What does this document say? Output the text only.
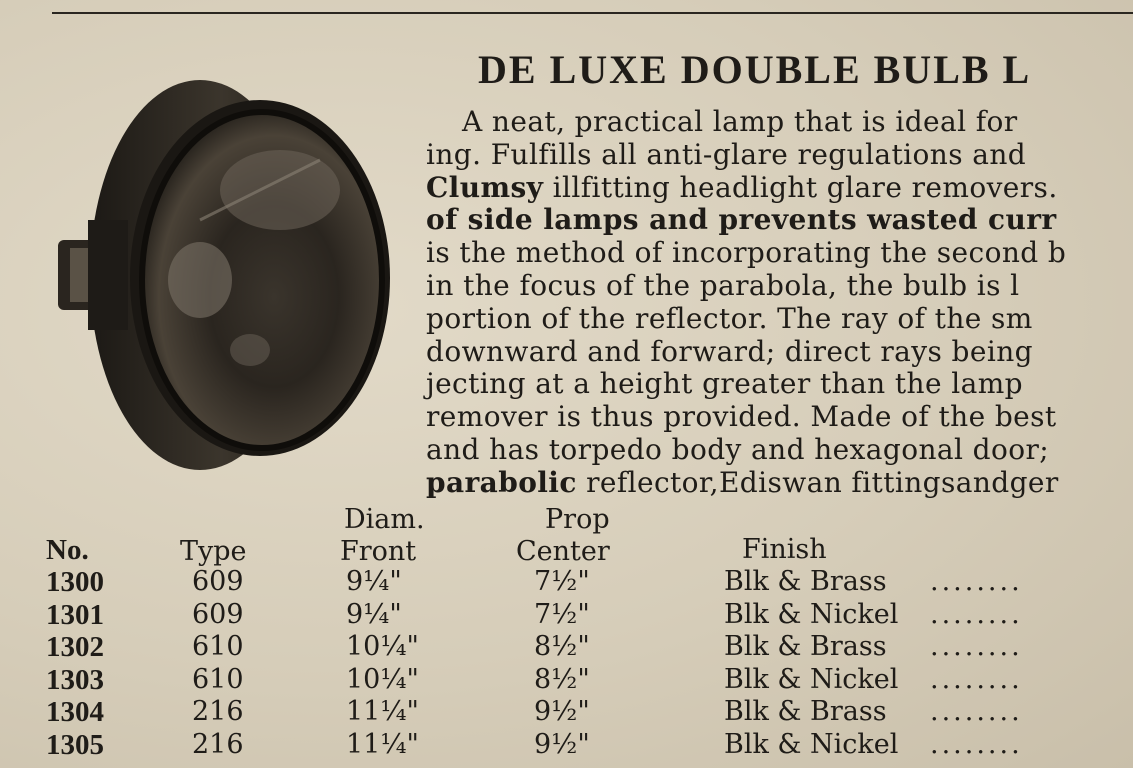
DE LUXE DOUBLE BULB L
A neat, practical lamp that is ideal for
ing. Fulfills all anti-glare regulations and
Clumsy illfitting headlight glare removers.
of side lamps and prevents wasted curr
is the method of incorporating the second b
in the focus of the parabola, the bulb is l
portion of the reflector. The ray of the sm
downward and forward; direct rays being
jecting at a height greater than the lamp
remover is thus provided. Made of the best
and has torpedo body and hexagonal door;
parabolic reflector,Ediswan fittingsandger
Diam.	Prop
No.	Type	Front	Center	Finish
1300	609	9¼"	7½"	Blk & Brass ........
1301	609	9¼"	7½"	Blk & Nickel ........
1302	610	10¼"	8½"	Blk & Brass ........
1303	610	10¼"	8½"	Blk & Nickel ........
1304	216	11¼"	9½"	Blk & Brass ........
1305	216	11¼"	9½"	Blk & Nickel ........
